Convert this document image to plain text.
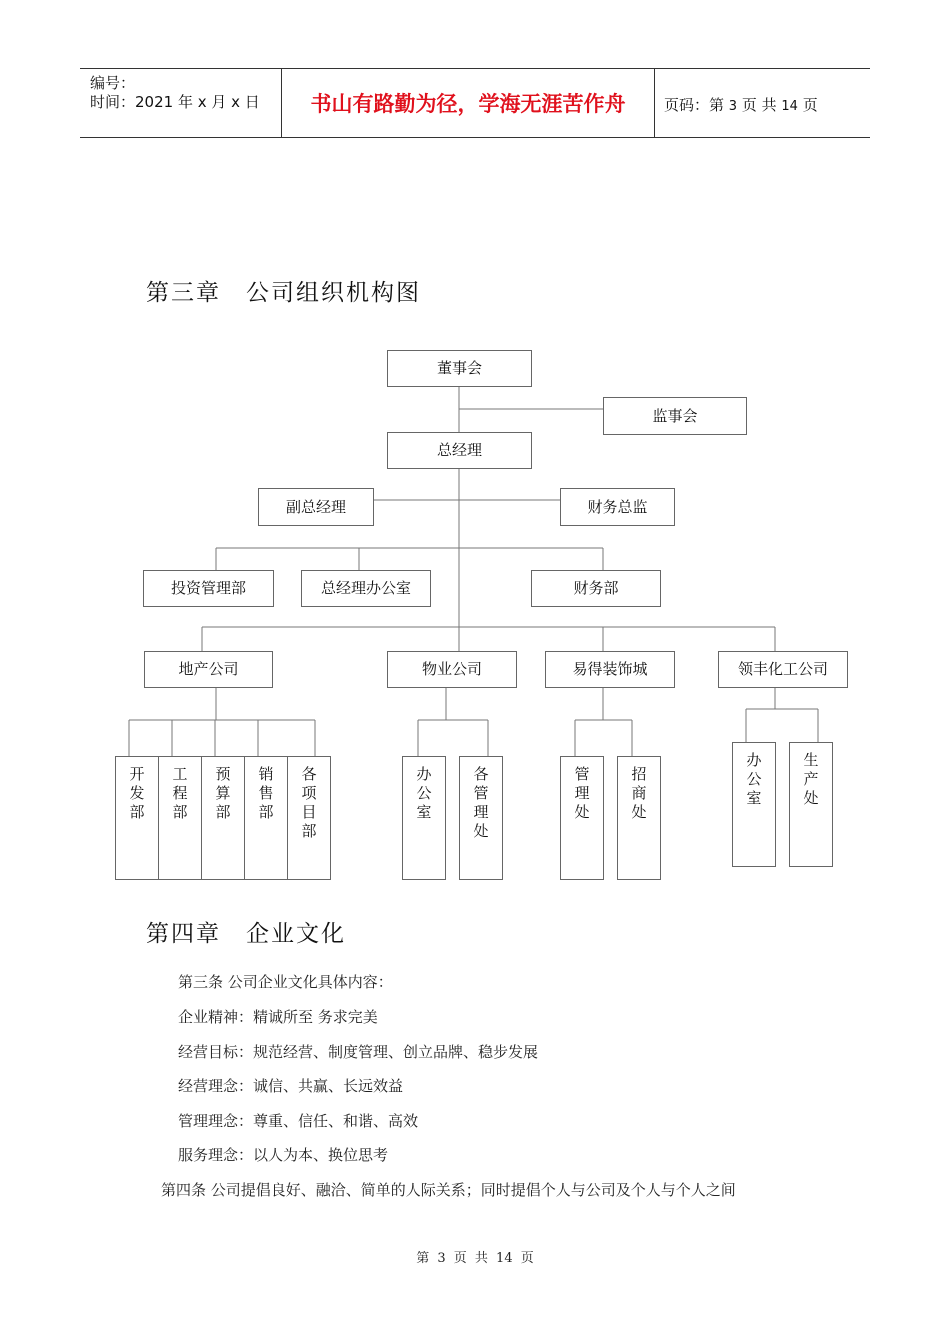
编号：
时间：2021 年 x 月 x 日	书山有路勤为径，学海无涯苦作舟	页码：第 3 页 共 14 页
第三章　公司组织机构图
董事会
监事会
总经理
副总经理	财务总监
投资管理部	总经理办公室	财务部
地产公司	物业公司	易得装饰城	领丰化工公司
开
发
部
工
程
部
预
算
部
销
售
部
各
项
目
部
办
公
室
各
管
理
处
管
理
处
招
商
处
办
公
室
生
产
处
第四章　企业文化
第三条 公司企业文化具体内容：
企业精神：精诚所至 务求完美
经营目标：规范经营、制度管理、创立品牌、稳步发展
经营理念：诚信、共赢、长远效益
管理理念：尊重、信任、和谐、高效
服务理念：以人为本、换位思考
第四条 公司提倡良好、融洽、简单的人际关系；同时提倡个人与公司及个人与个人之间
第 3 页 共 14 页
